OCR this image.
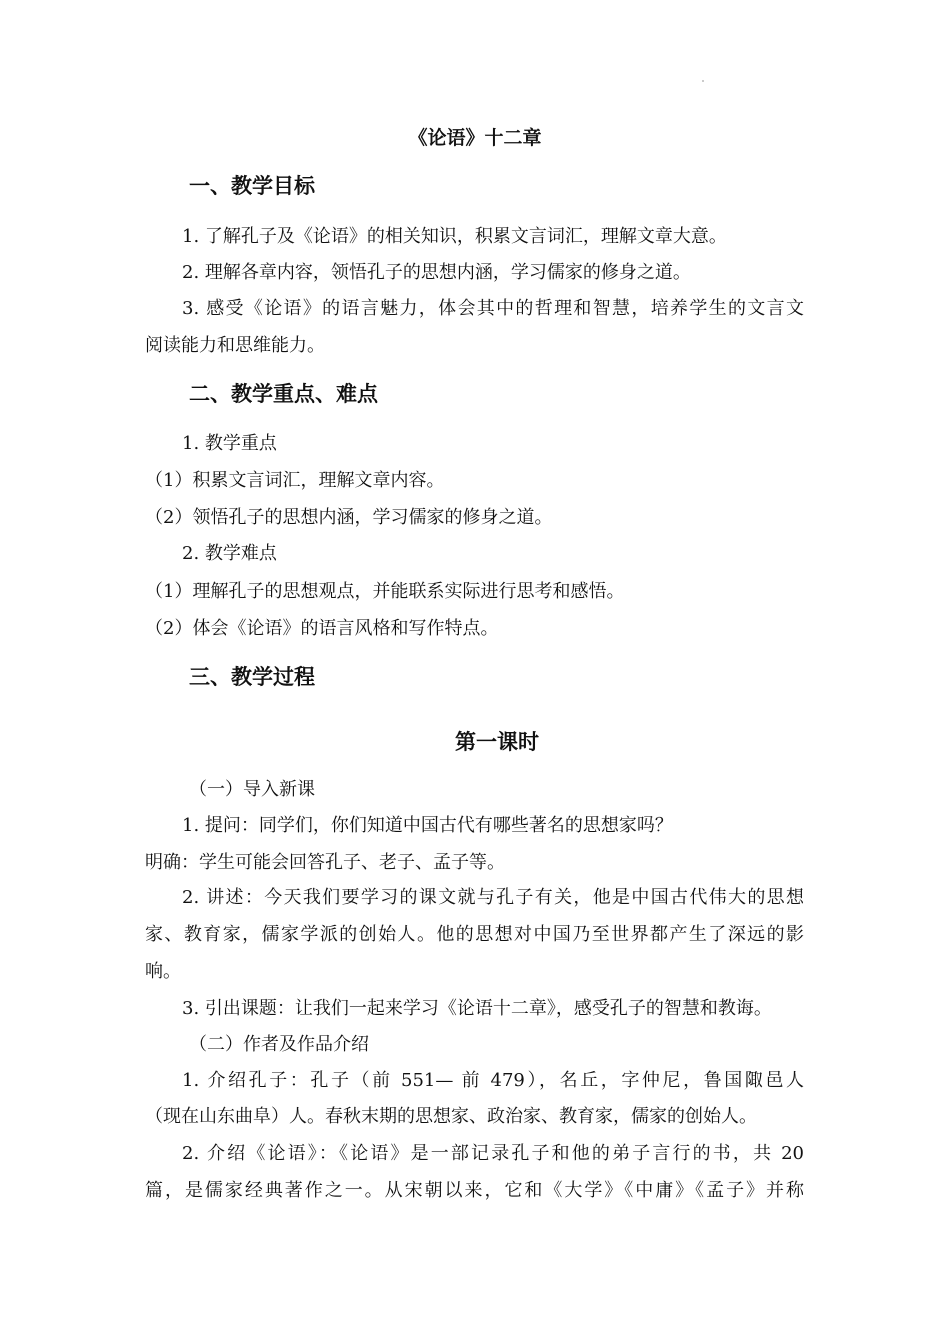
《论语》十二章
一、教学目标
1. 了解孔子及《论语》的相关知识，积累文言词汇，理解文章大意。
2. 理解各章内容，领悟孔子的思想内涵，学习儒家的修身之道。
3. 感受《论语》的语言魅力，体会其中的哲理和智慧，培养学生的文言文
阅读能力和思维能力。
二、教学重点、难点
1. 教学重点
（1）积累文言词汇，理解文章内容。
（2）领悟孔子的思想内涵，学习儒家的修身之道。
2. 教学难点
（1）理解孔子的思想观点，并能联系实际进行思考和感悟。
（2）体会《论语》的语言风格和写作特点。
三、教学过程
第一课时
（一）导入新课
1. 提问：同学们，你们知道中国古代有哪些著名的思想家吗？
明确：学生可能会回答孔子、老子、孟子等。
2. 讲述：今天我们要学习的课文就与孔子有关，他是中国古代伟大的思想
家、教育家，儒家学派的创始人。他的思想对中国乃至世界都产生了深远的影
响。
3. 引出课题：让我们一起来学习《论语十二章》，感受孔子的智慧和教诲。
（二）作者及作品介绍
1. 介绍孔子：孔子（前 551— 前 479），名丘，字仲尼，鲁国陬邑人
（现在山东曲阜）人。春秋末期的思想家、政治家、教育家，儒家的创始人。
2. 介绍《论语》：《论语》是一部记录孔子和他的弟子言行的书，共 20
篇，是儒家经典著作之一。从宋朝以来，它和《大学》《中庸》《孟子》并称
